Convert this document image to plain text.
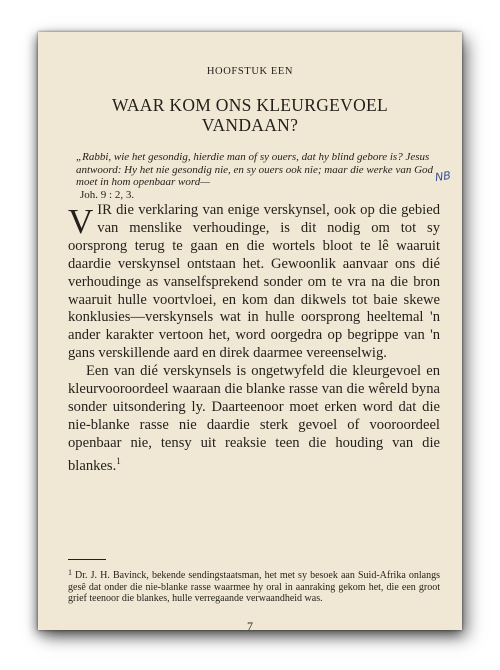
HOOFSTUK EEN
WAAR KOM ONS KLEURGEVOEL
VANDAAN?
„Rabbi, wie het gesondig, hierdie man of sy ouers, dat hy blind gebore is? Jesus antwoord: Hy het nie gesondig nie, en sy ouers ook nie; maar die werke van God moet in hom openbaar word—
Joh. 9 : 2, 3.
NB

VIR die verklaring van enige verskynsel, ook op die gebied van menslike verhoudinge, is dit nodig om tot sy oorsprong terug te gaan en die wortels bloot te lê waaruit daardie verskynsel ontstaan het. Gewoonlik aanvaar ons dié verhoudinge as vanselfsprekend sonder om te vra na die bron waaruit hulle voortvloei, en kom dan dikwels tot baie skewe konklusies—verskynsels wat in hulle oorsprong heeltemal 'n ander karakter vertoon het, word oorgedra op begrippe van 'n gans verskillende aard en direk daarmee vereenselwig.

Een van dié verskynsels is ongetwyfeld die kleurgevoel en kleurvooroordeel waaraan die blanke rasse van die wêreld byna sonder uitsondering ly. Daarteenoor moet erken word dat die nie-blanke rasse nie daardie sterk gevoel of vooroordeel openbaar nie, tensy uit reaksie teen die houding van die blankes.$^1$

$^1$ Dr. J. H. Bavinck, bekende sendingstaatsman, het met sy besoek aan Suid-Afrika onlangs gesê dat onder die nie-blanke rasse waarmee hy oral in aanraking gekom het, die een groot grief teenoor die blankes, hulle verregaande verwaandheid was.
7
